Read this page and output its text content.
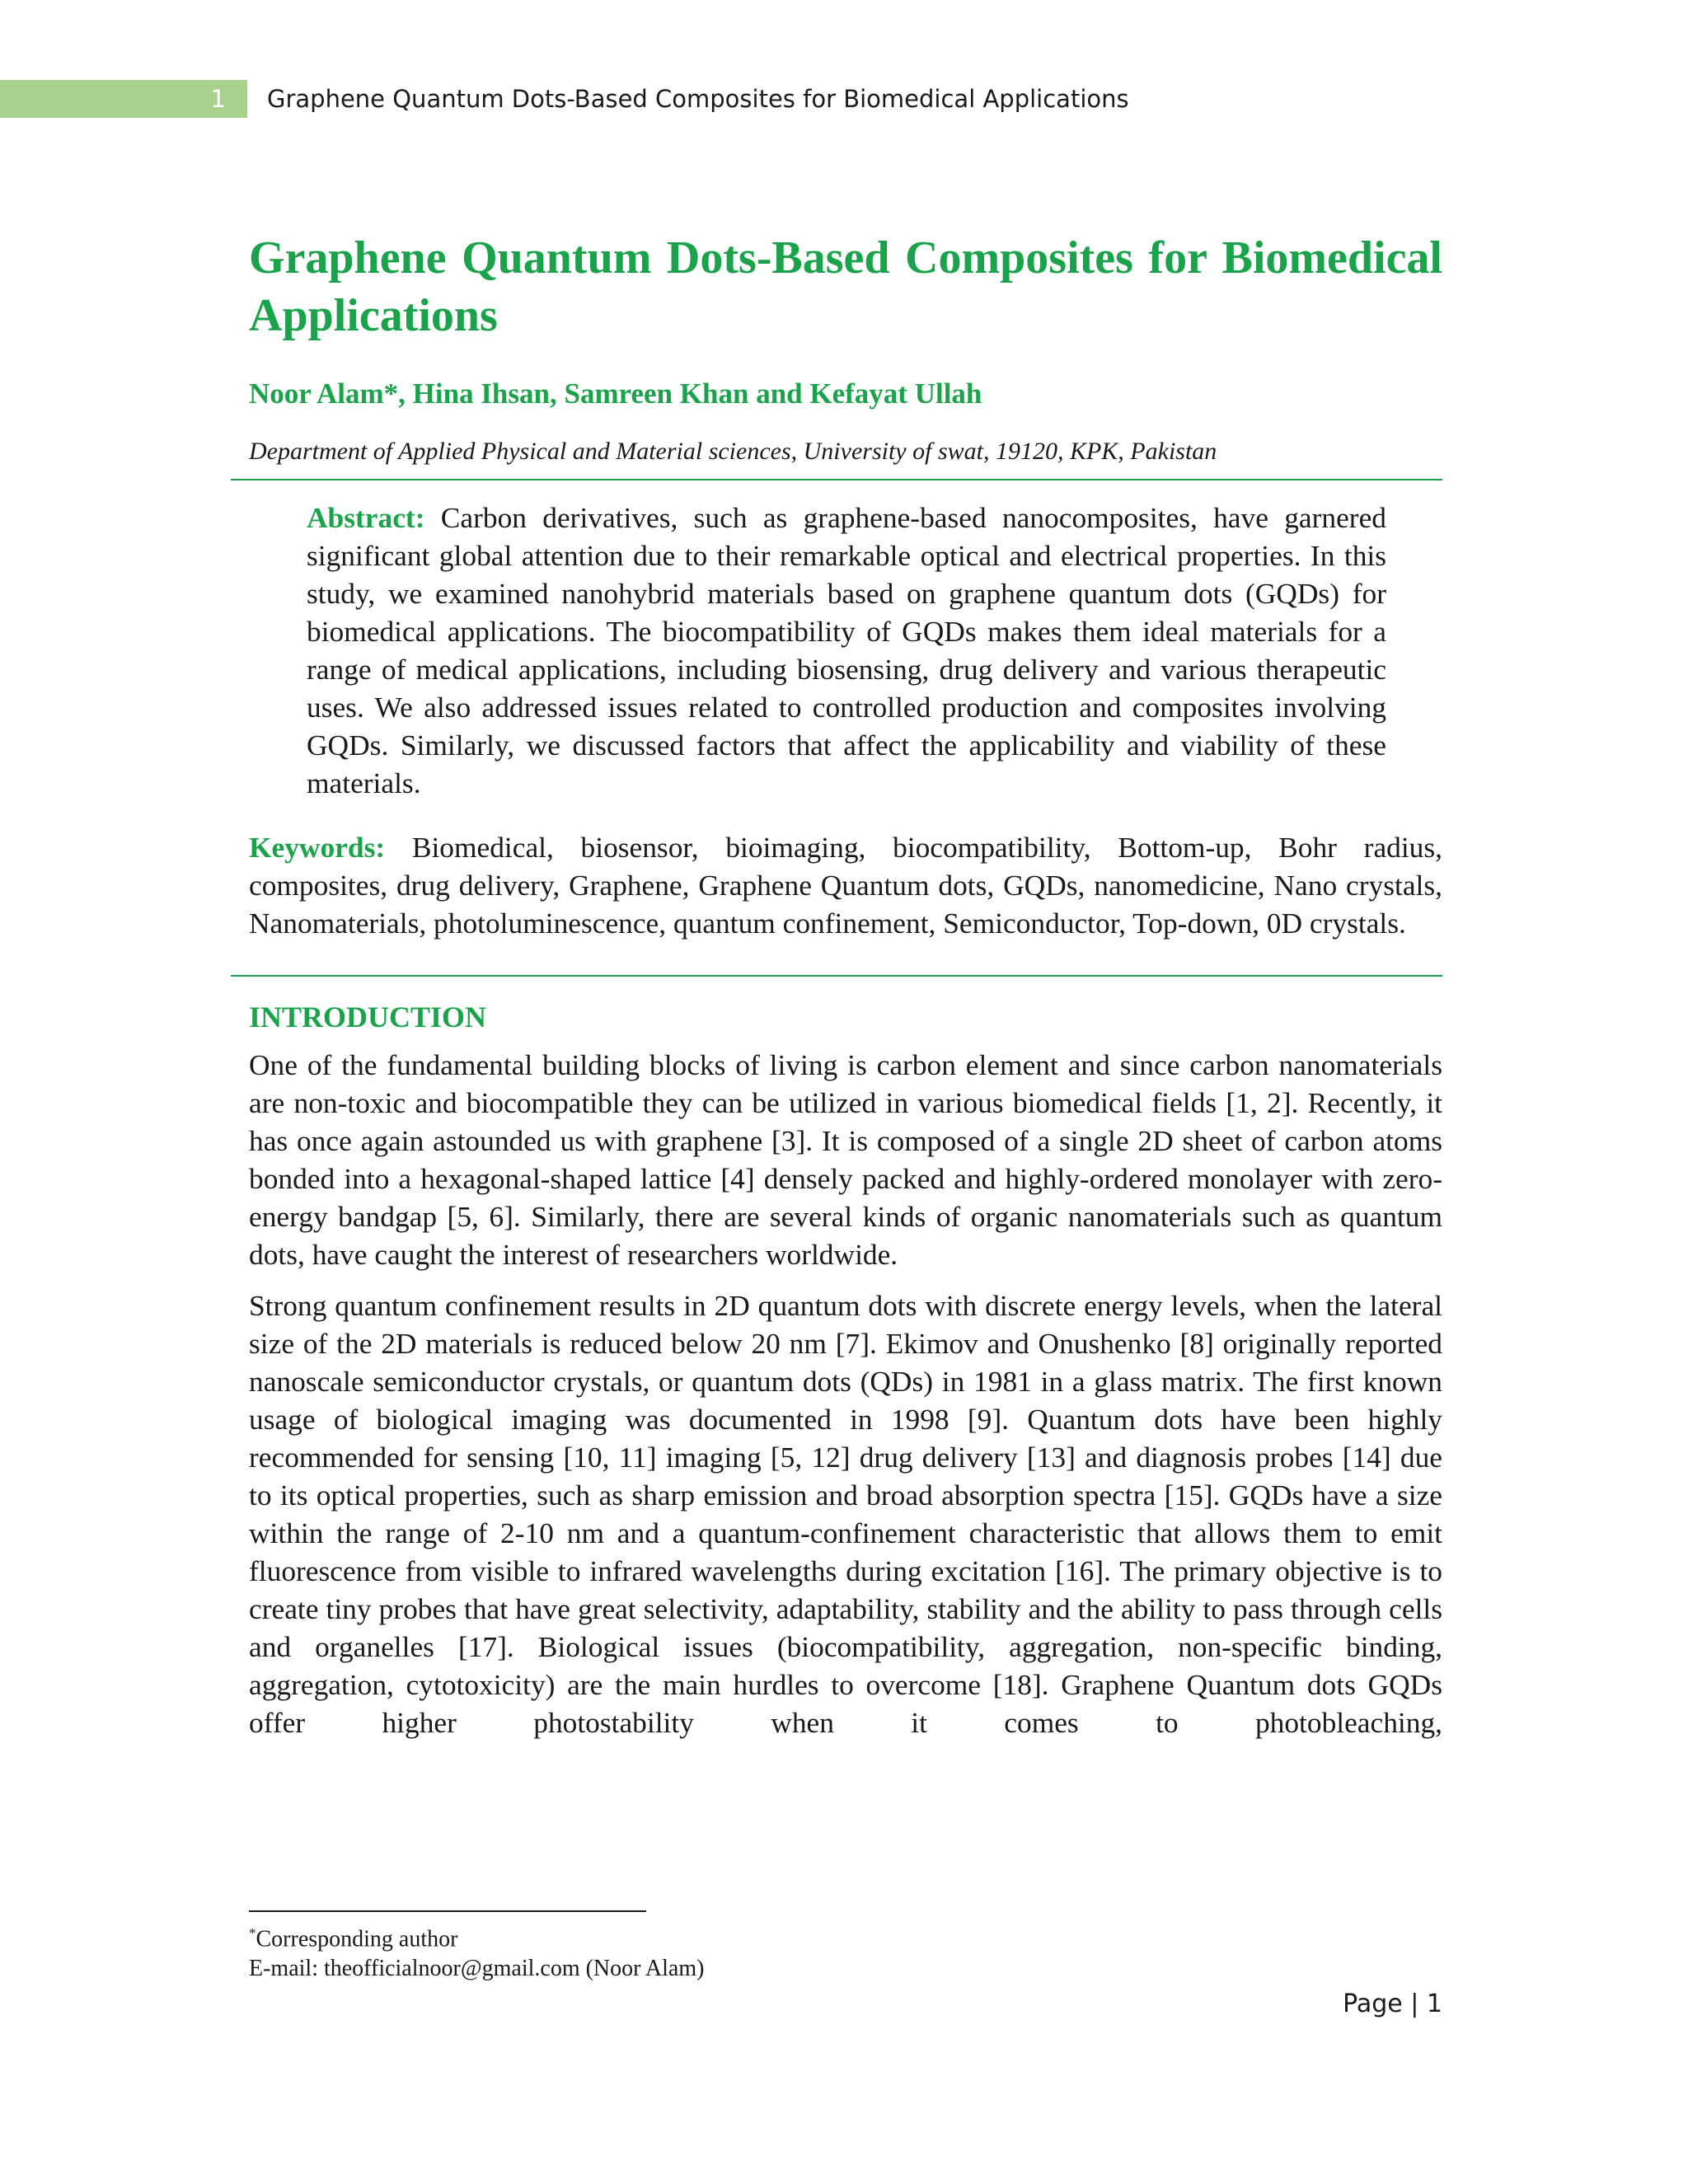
1	Graphene Quantum Dots-Based Composites for Biomedical Applications
Graphene Quantum Dots-Based Composites for Biomedical Applications

Noor Alam*, Hina Ihsan, Samreen Khan and Kefayat Ullah

Department of Applied Physical and Material sciences, University of swat, 19120, KPK, Pakistan

Abstract: Carbon derivatives, such as graphene-based nanocomposites, have garnered significant global attention due to their remarkable optical and electrical properties. In this study, we examined nanohybrid materials based on graphene quantum dots (GQDs) for biomedical applications. The biocompatibility of GQDs makes them ideal materials for a range of medical applications, including biosensing, drug delivery and various therapeutic uses. We also addressed issues related to controlled production and composites involving GQDs. Similarly, we discussed factors that affect the applicability and viability of these materials.

Keywords: Biomedical, biosensor, bioimaging, biocompatibility, Bottom-up, Bohr radius, composites, drug delivery, Graphene, Graphene Quantum dots, GQDs, nanomedicine, Nano crystals, Nanomaterials, photoluminescence, quantum confinement, Semiconductor, Top-down, 0D crystals.

INTRODUCTION

One of the fundamental building blocks of living is carbon element and since carbon nanomaterials are non-toxic and biocompatible they can be utilized in various biomedical fields [1, 2]. Recently, it has once again astounded us with graphene [3]. It is composed of a single 2D sheet of carbon atoms bonded into a hexagonal-shaped lattice [4] densely packed and highly-ordered monolayer with zero-energy bandgap [5, 6]. Similarly, there are several kinds of organic nanomaterials such as quantum dots, have caught the interest of researchers worldwide.

Strong quantum confinement results in 2D quantum dots with discrete energy levels, when the lateral size of the 2D materials is reduced below 20 nm [7]. Ekimov and Onushenko [8] originally reported nanoscale semiconductor crystals, or quantum dots (QDs) in 1981 in a glass matrix. The first known usage of biological imaging was documented in 1998 [9]. Quantum dots have been highly recommended for sensing [10, 11] imaging [5, 12] drug delivery [13] and diagnosis probes [14] due to its optical properties, such as sharp emission and broad absorption spectra [15]. GQDs have a size within the range of 2-10 nm and a quantum-confinement characteristic that allows them to emit fluorescence from visible to infrared wavelengths during excitation [16]. The primary objective is to create tiny probes that have great selectivity, adaptability, stability and the ability to pass through cells and organelles [17]. Biological issues (biocompatibility, aggregation, non-specific binding, aggregation, cytotoxicity) are the main hurdles to overcome [18]. Graphene Quantum dots GQDs offer higher photostability when it comes to photobleaching,

*Corresponding author
E-mail: theofficialnoor@gmail.com (Noor Alam)
Page | 1
